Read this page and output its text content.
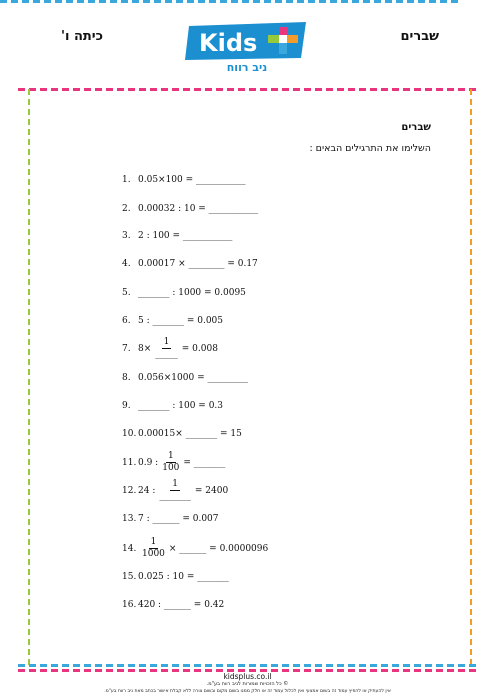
שברים
כיתה ו'	Kids
ניב רווח
שברים
השלימו את התרגילים הבאים :
1. 0.05×100 = ___________
2. 0.00032 : 10 = ___________
3. 2 : 100 = ___________
4. 0.00017 × ________ = 0.17
5. _______ : 1000 = 0.0095
6. 5 : _______ = 0.005
7. $8\times \frac{1}{\_\_\_\_\_} = 0.008$
8. 0.056×1000 = _________
9. _______ : 100 = 0.3
10. 0.00015× _______ = 15
11. 0.9 : $\frac{1}{100}$ = _______
12. 24 : $\frac{1}{\_\_\_\_\_\_\_} = 2400$
13. 7 : ______ = 0.007
14. $\frac{1}{1000}$ × ______ = 0.0000096
15. 0.025 : 10 = _______
16. 420 : ______ = 0.42
kidsplus.co.il
© כל הזכויות שמורות לניב רווח בע"מ.
אין להעתיק או להפיץ עמוד זה בשום אמצעי ואין לכלול עמוד זה או חלק ממנו בשום מקום ובשום צורה ללא קבלת אישור בכתב מאת ניב רווח בע"מ.
